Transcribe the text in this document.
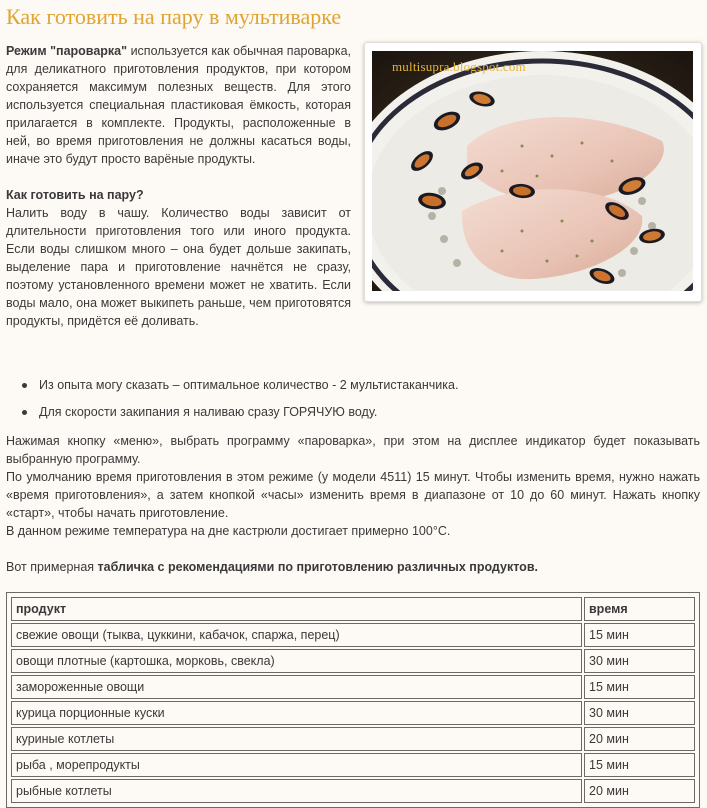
Как готовить на пару в мультиварке

Режим "пароварка" используется как обычная пароварка, для деликатного приготовления продуктов, при котором сохраняется максимум полезных веществ. Для этого используется специальная пластиковая ёмкость, которая прилагается в комплекте. Продукты, расположенные в ней, во время приготовления не должны касаться воды, иначе это будут просто варёные продукты.

Как готовить на пару?

Налить воду в чашу. Количество воды зависит от длительности приготовления того или иного продукта. Если воды слишком много – она будет дольше закипать, выделение пара и приготовление начнётся не сразу, поэтому установленного времени может не хватить. Если воды мало, она может выкипеть раньше, чем приготовятся продукты, придётся её доливать.

multisupra.blogspot.com
Из опыта могу сказать – оптимальное количество - 2 мультистаканчика.
Для скорости закипания я наливаю сразу ГОРЯЧУЮ воду.

Нажимая кнопку «меню», выбрать программу «пароварка», при этом на дисплее индикатор будет показывать выбранную программу.

По умолчанию время приготовления в этом режиме (у модели 4511) 15 минут. Чтобы изменить время, нужно нажать «время приготовления», а затем кнопкой «часы» изменить время в диапазоне от 10 до 60 минут. Нажать кнопку «старт», чтобы начать приготовление.

В данном режиме температура на дне кастрюли достигает примерно 100°С.

Вот примерная табличка с рекомендациями по приготовлению различных продуктов.

продукт	время
свежие овощи (тыква, цуккини, кабачок, спаржа, перец)	15 мин
овощи плотные (картошка, морковь, свекла)	30 мин
замороженные овощи	15 мин
курица порционные куски	30 мин
куриные котлеты	20 мин
рыба , морепродукты	15 мин
рыбные котлеты	20 мин
